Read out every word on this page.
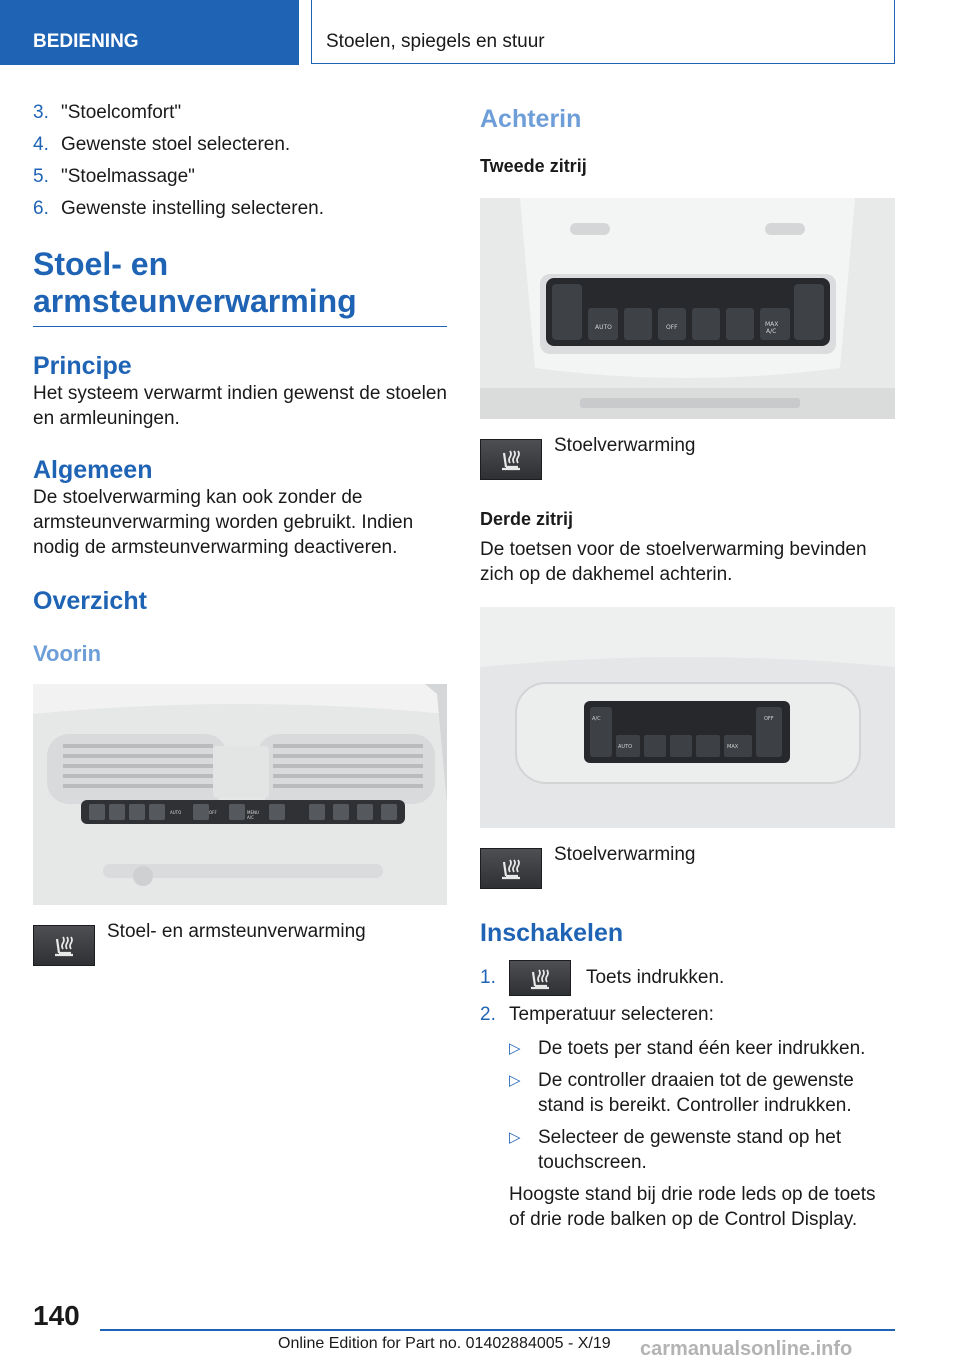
BEDIENING	Stoelen, spiegels en stuur
3. "Stoelcomfort"
4. Gewenste stoel selecteren.
5. "Stoelmassage"
6. Gewenste instelling selecteren.
Stoel- en armsteunverwarming
Principe

Het systeem verwarmt indien gewenst de stoelen en armleuningen.

Algemeen

De stoelverwarming kan ook zonder de armsteunverwarming worden gebruikt. Indien nodig de armsteunverwarming deactiveren.

Overzicht
Voorin
AUTO	OFF	MENU
A/C
Stoel- en armsteunverwarming
Achterin
Tweede zitrij
AUTO	OFF	MAX
A/C
Stoelverwarming
Derde zitrij

De toetsen voor de stoelverwarming bevinden zich op de dakhemel achterin.

A/C	OFF
AUTO	MAX
Stoelverwarming
Inschakelen
1.	Toets indrukken.
2. Temperatuur selecteren:
▷ De toets per stand één keer indrukken.
▷ De controller draaien tot de gewenste stand is bereikt. Controller indrukken.
▷ Selecteer de gewenste stand op het touchscreen.

Hoogste stand bij drie rode leds op de toets of drie rode balken op de Control Display.

140
Online Edition for Part no. 01402884005 - X/19 carmanualsonline.info
